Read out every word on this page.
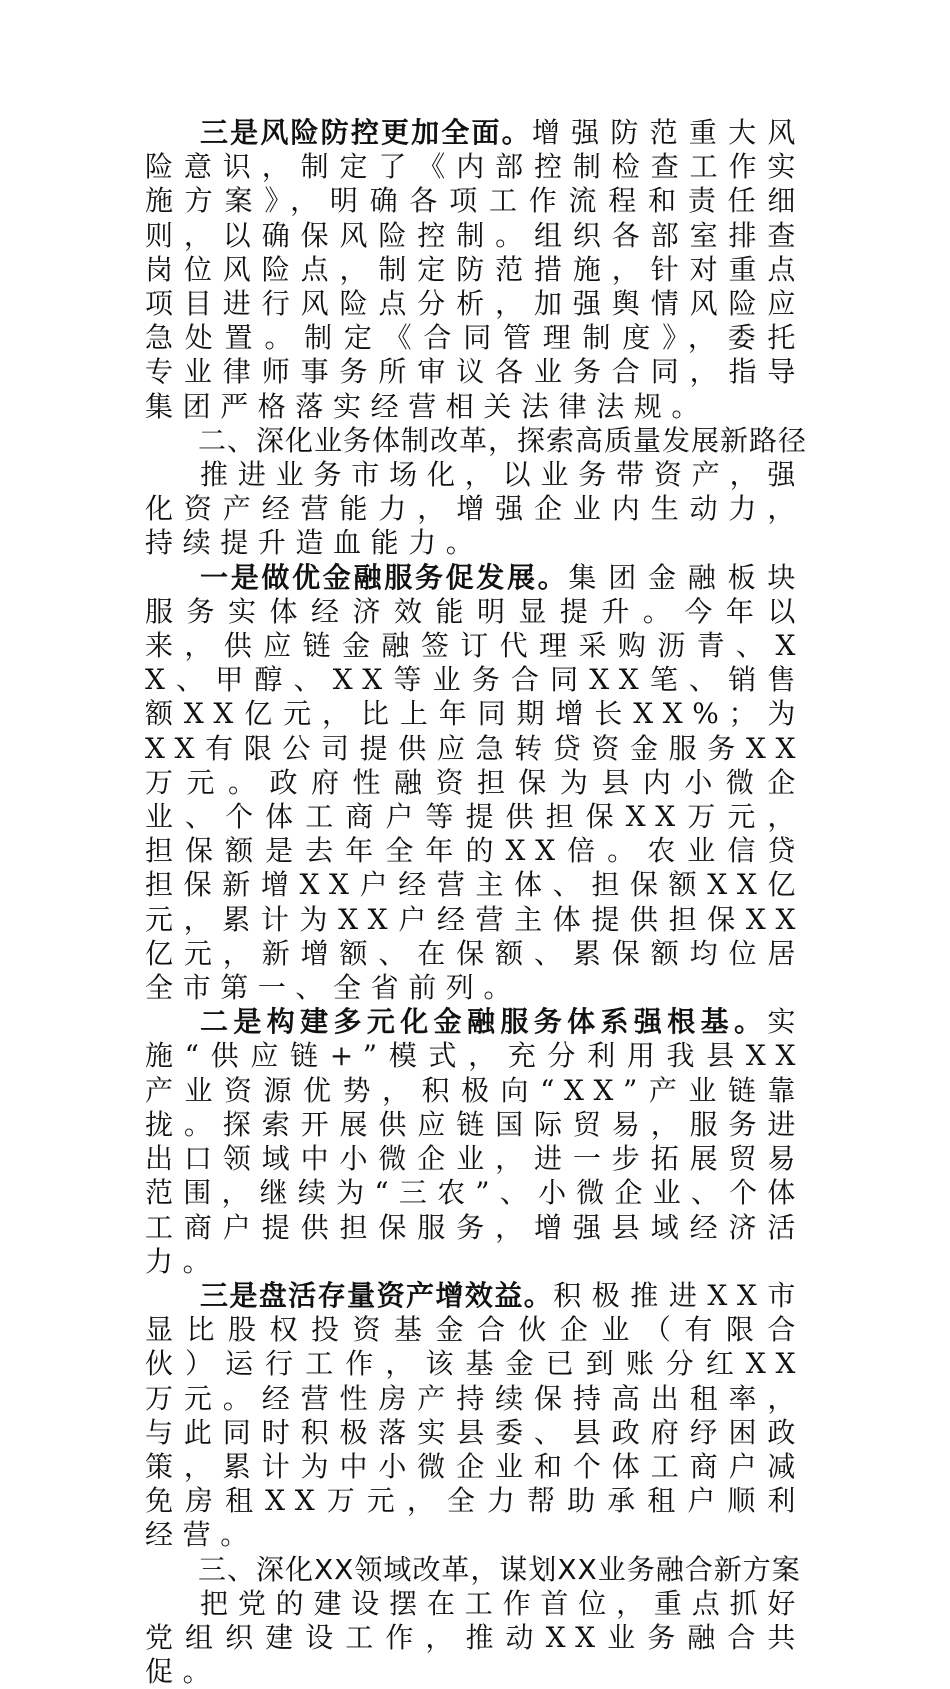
三是风险防控更加全面。增强防范重大风险意识，制定了《内部控制检查工作实施方案》，明确各项工作流程和责任细则，以确保风险控制。组织各部室排查岗位风险点，制定防范措施，针对重点项目进行风险点分析，加强舆情风险应急处置。制定《合同管理制度》，委托专业律师事务所审议各业务合同，指导集团严格落实经营相关法律法规。

二、深化业务体制改革，探索高质量发展新路径

推进业务市场化，以业务带资产，强化资产经营能力，增强企业内生动力，持续提升造血能力。

一是做优金融服务促发展。集团金融板块服务实体经济效能明显提升。今年以来，供应链金融签订代理采购沥青、XX、甲醇、XX等业务合同XX笔、销售额XX亿元，比上年同期增长XX%；为XX有限公司提供应急转贷资金服务XX万元。政府性融资担保为县内小微企业、个体工商户等提供担保XX万元，担保额是去年全年的XX倍。农业信贷担保新增XX户经营主体、担保额XX亿元，累计为XX户经营主体提供担保XX亿元，新增额、在保额、累保额均位居全市第一、全省前列。

二是构建多元化金融服务体系强根基。实施“供应链+”模式，充分利用我县XX产业资源优势，积极向“XX”产业链靠拢。探索开展供应链国际贸易，服务进出口领域中小微企业，进一步拓展贸易范围，继续为“三农”、小微企业、个体工商户提供担保服务，增强县域经济活力。

三是盘活存量资产增效益。积极推进XX市显比股权投资基金合伙企业（有限合伙）运行工作，该基金已到账分红XX万元。经营性房产持续保持高出租率，与此同时积极落实县委、县政府纾困政策，累计为中小微企业和个体工商户减免房租XX万元，全力帮助承租户顺利经营。

三、深化XX领域改革，谋划XX业务融合新方案

把党的建设摆在工作首位，重点抓好党组织建设工作，推动XX业务融合共促。
